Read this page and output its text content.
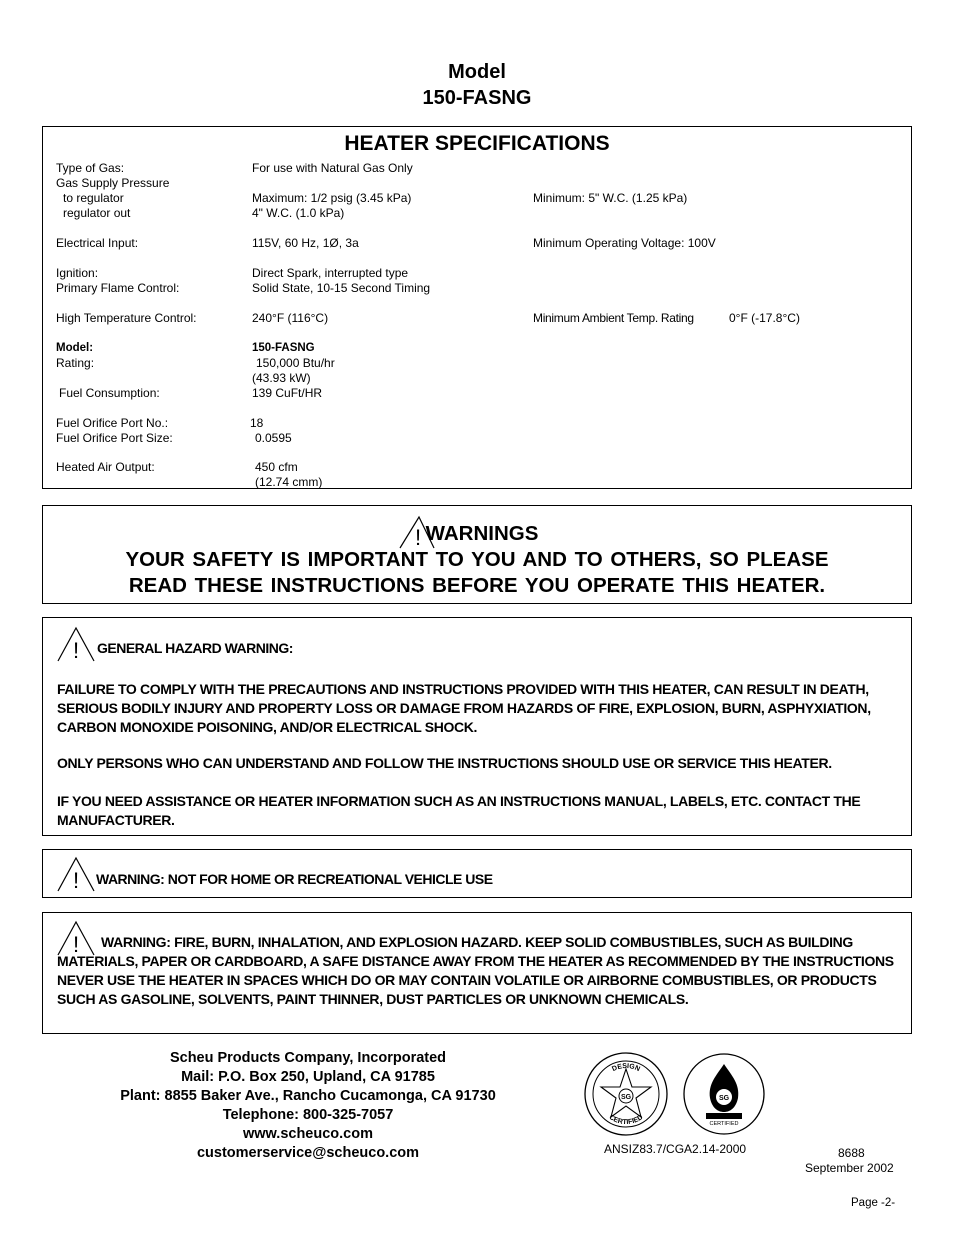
Model
150-FASNG
HEATER SPECIFICATIONS
Type of Gas:	For use with Natural Gas Only
Gas Supply Pressure
to regulator	Maximum: 1/2 psig (3.45 kPa)	Minimum: 5" W.C. (1.25 kPa)
regulator out	4" W.C. (1.0 kPa)
Electrical Input:	115V, 60 Hz, 1Ø, 3a	Minimum Operating Voltage: 100V
Ignition:	Direct Spark, interrupted type
Primary Flame Control:	Solid State, 10-15 Second Timing
High Temperature Control:	240°F (116°C)	Minimum Ambient Temp. Rating	0°F (-17.8°C)
Model:	150-FASNG
Rating:	150,000 Btu/hr
(43.93 kW)
Fuel Consumption:	139 CuFt/HR
Fuel Orifice Port No.:	18
Fuel Orifice Port Size:	0.0595
Heated Air Output:	450 cfm
(12.74 cmm)
! WARNINGS
YOUR SAFETY IS IMPORTANT TO YOU AND TO OTHERS, SO PLEASE
READ THESE INSTRUCTIONS BEFORE YOU OPERATE THIS HEATER.
! GENERAL HAZARD WARNING:
FAILURE TO COMPLY WITH THE PRECAUTIONS AND INSTRUCTIONS PROVIDED WITH THIS HEATER, CAN RESULT IN DEATH, SERIOUS BODILY INJURY AND PROPERTY LOSS OR DAMAGE FROM HAZARDS OF FIRE, EXPLOSION, BURN, ASPHYXIATION, CARBON MONOXIDE POISONING, AND/OR ELECTRICAL SHOCK.
ONLY PERSONS WHO CAN UNDERSTAND AND FOLLOW THE INSTRUCTIONS SHOULD USE OR SERVICE THIS HEATER.
IF YOU NEED ASSISTANCE OR HEATER INFORMATION SUCH AS AN INSTRUCTIONS MANUAL, LABELS, ETC. CONTACT THE MANUFACTURER.
! WARNING: NOT FOR HOME OR RECREATIONAL VEHICLE USE
!	WARNING: FIRE, BURN, INHALATION, AND EXPLOSION HAZARD. KEEP SOLID COMBUSTIBLES, SUCH AS BUILDING MATERIALS, PAPER OR CARDBOARD, A SAFE DISTANCE AWAY FROM THE HEATER AS RECOMMENDED BY THE INSTRUCTIONS NEVER USE THE HEATER IN SPACES WHICH DO OR MAY CONTAIN VOLATILE OR AIRBORNE COMBUSTIBLES, OR PRODUCTS SUCH AS GASOLINE, SOLVENTS, PAINT THINNER, DUST PARTICLES OR UNKNOWN CHEMICALS.
Scheu Products Company, Incorporated
Mail: P.O. Box 250, Upland, CA 91785
Plant: 8855 Baker Ave., Rancho Cucamonga, CA 91730
Telephone: 800-325-7057
www.scheuco.com
customerservice@scheuco.com
DESIGN
CERTIFIED
SG	SG
CERTIFIED
ANSIZ83.7/CGA2.14-2000	8688
September 2002
Page -2-
